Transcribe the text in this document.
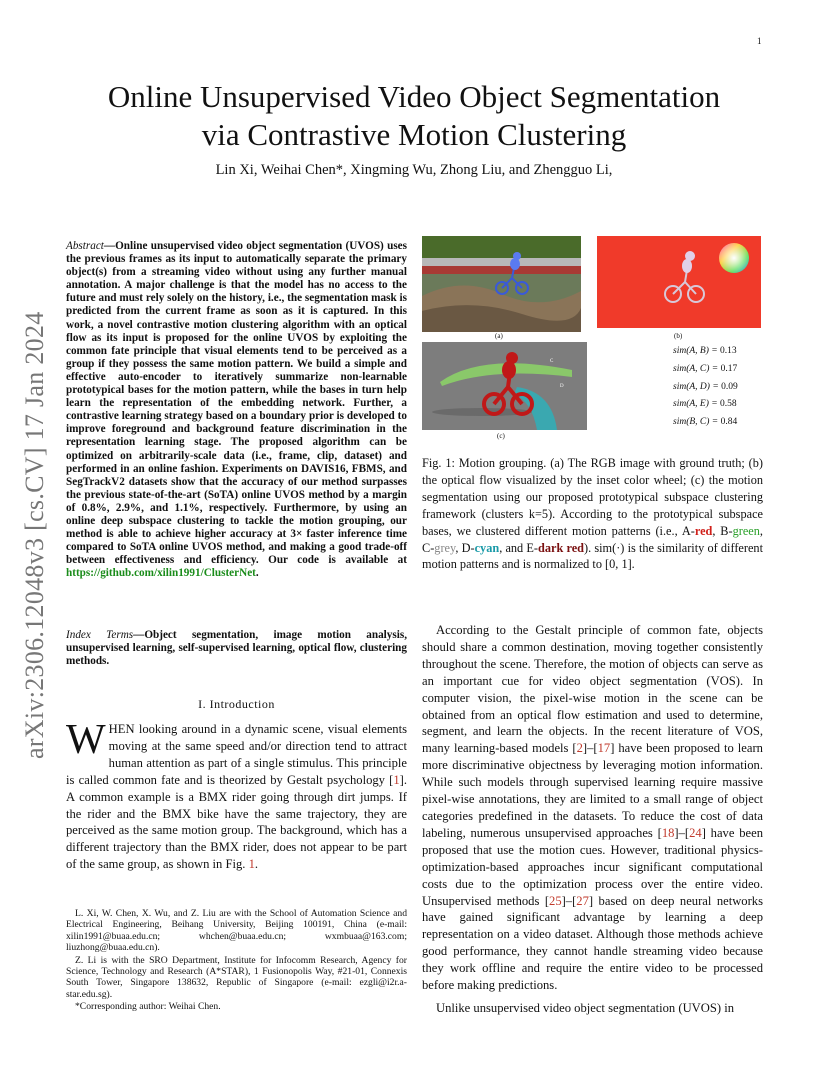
1
arXiv:2306.12048v3 [cs.CV] 17 Jan 2024
Online Unsupervised Video Object Segmentation
via Contrastive Motion Clustering
Lin Xi, Weihai Chen*, Xingming Wu, Zhong Liu, and Zhengguo Li,
Abstract—Online unsupervised video object segmentation (UVOS) uses the previous frames as its input to automatically separate the primary object(s) from a streaming video without using any further manual annotation. A major challenge is that the model has no access to the future and must rely solely on the history, i.e., the segmentation mask is predicted from the current frame as soon as it is captured. In this work, a novel contrastive motion clustering algorithm with an optical flow as its input is proposed for the online UVOS by exploiting the common fate principle that visual elements tend to be perceived as a group if they possess the same motion pattern. We build a simple and effective auto-encoder to iteratively summarize non-learnable prototypical bases for the motion pattern, while the bases in turn help learn the representation of the embedding network. Further, a contrastive learning strategy based on a boundary prior is developed to improve foreground and background feature discrimination in the representation learning stage. The proposed algorithm can be optimized on arbitrarily-scale data (i.e., frame, clip, dataset) and performed in an online fashion. Experiments on DAVIS16, FBMS, and SegTrackV2 datasets show that the accuracy of our method surpasses the previous state-of-the-art (SoTA) online UVOS method by a margin of 0.8%, 2.9%, and 1.1%, respectively. Furthermore, by using an online deep subspace clustering to tackle the motion grouping, our method is able to achieve higher accuracy at 3× faster inference time compared to SoTA online UVOS method, and making a good trade-off between effectiveness and efficiency. Our code is available at https://github.com/xilin1991/ClusterNet.
Index Terms—Object segmentation, image motion analysis, unsupervised learning, self-supervised learning, optical flow, clustering methods.
I. Introduction
WHEN looking around in a dynamic scene, visual elements moving at the same speed and/or direction tend to attract human attention as part of a single stimulus. This principle is called common fate and is theorized by Gestalt psychology [1]. A common example is a BMX rider going through dirt jumps. If the rider and the BMX bike have the same trajectory, they are perceived as the same motion group. The background, which has a different trajectory than the BMX rider, does not appear to be part of the same group, as shown in Fig. 1.

L. Xi, W. Chen, X. Wu, and Z. Liu are with the School of Automation Science and Electrical Engineering, Beihang University, Beijing 100191, China (e-mail: xilin1991@buaa.edu.cn; whchen@buaa.edu.cn; wxmbuaa@163.com; liuzhong@buaa.edu.cn).

Z. Li is with the SRO Department, Institute for Infocomm Research, Agency for Science, Technology and Research (A*STAR), 1 Fusionopolis Way, #21-01, Connexis South Tower, Singapore 138632, Republic of Singapore (e-mail: ezgli@i2r.a-star.edu.sg).

*Corresponding author: Weihai Chen.

(a)	(b)
C
D
(c)
sim(A, B) = 0.13
sim(A, C) = 0.17
sim(A, D) = 0.09
sim(A, E) = 0.58
sim(B, C) = 0.84
Fig. 1: Motion grouping. (a) The RGB image with ground truth; (b) the optical flow visualized by the inset color wheel; (c) the motion segmentation using our proposed prototypical subspace clustering framework (clusters k=5). According to the prototypical subspace bases, we clustered different motion patterns (i.e., A-red, B-green, C-grey, D-cyan, and E-dark red). sim(·) is the similarity of different motion patterns and is normalized to [0, 1].

According to the Gestalt principle of common fate, objects should share a common destination, moving together consistently throughout the scene. Therefore, the motion of objects can serve as an important cue for video object segmentation (VOS). In computer vision, the pixel-wise motion in the scene can be obtained from an optical flow estimation and used to determine, segment, and learn the objects. In the recent literature of VOS, many learning-based models [2]–[17] have been proposed to learn more discriminative objectness by leveraging motion information. While such models through supervised learning require massive pixel-wise annotations, they are limited to a small range of object categories predefined in the datasets. To reduce the cost of data labeling, numerous unsupervised approaches [18]–[24] have been proposed that use the motion cues. However, traditional physics-optimization-based approaches incur significant computational costs due to the optimization process over the entire video. Unsupervised methods [25]–[27] based on deep neural networks have gained significant advantage by learning a deep representation on a video dataset. Although those methods achieve good performance, they cannot handle streaming video because they work offline and require the entire video to be processed before making predictions.

Unlike unsupervised video object segmentation (UVOS) in
